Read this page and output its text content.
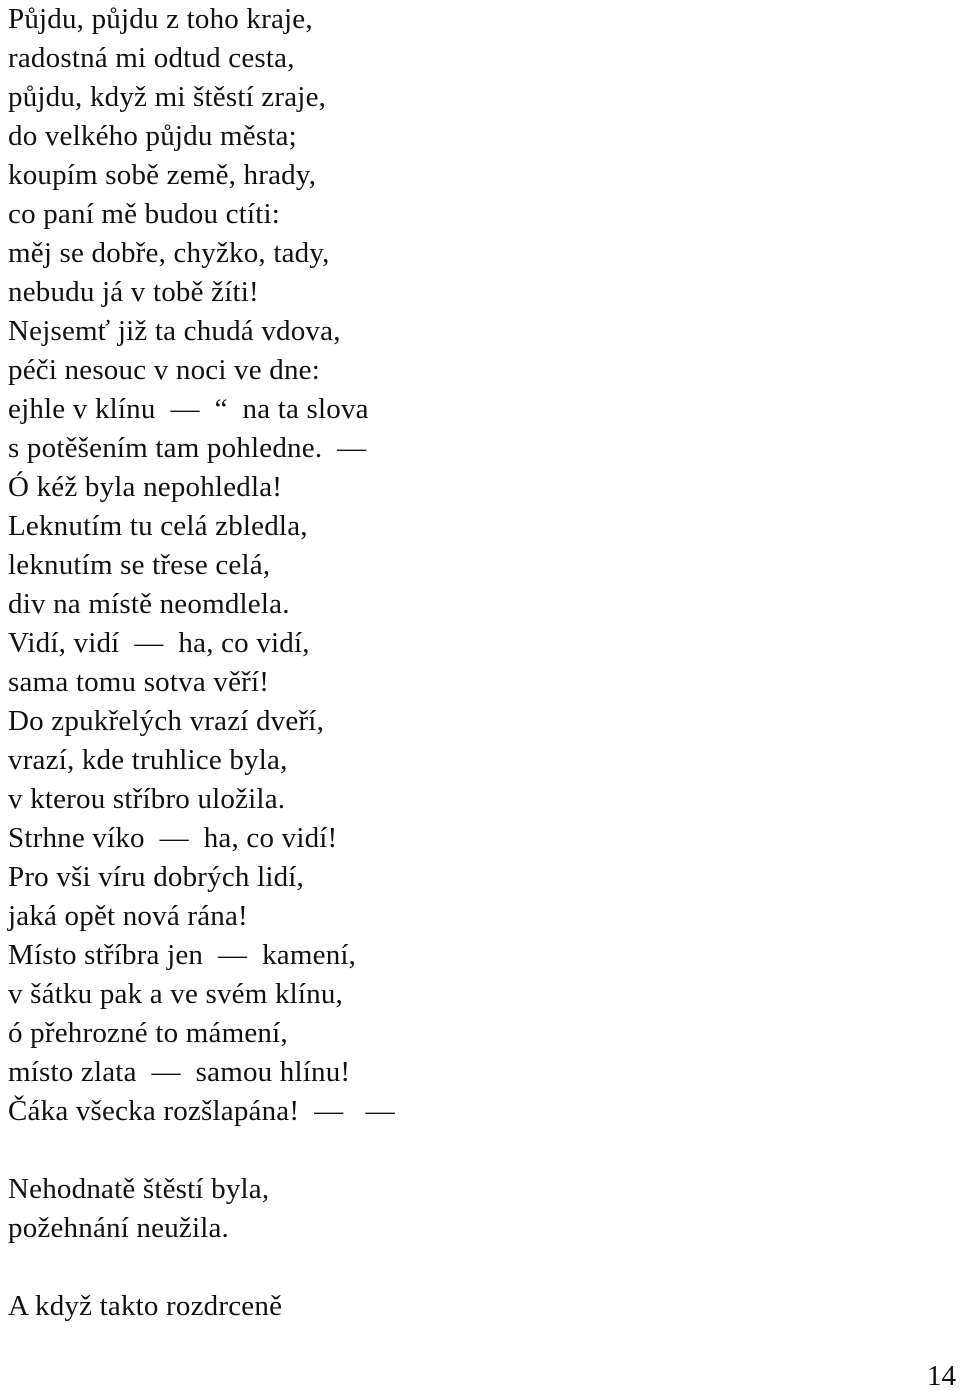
Půjdu, půjdu z toho kraje,
radostná mi odtud cesta,
půjdu, když mi štěstí zraje,
do velkého půjdu města;
koupím sobě země, hrady,
co paní mě budou ctíti:
měj se dobře, chyžko, tady,
nebudu já v tobě žíti!
Nejsemť již ta chudá vdova,
péči nesouc v noci ve dne:
ejhle v klínu  —  “  na ta slova
s potěšením tam pohledne.  —
Ó kéž byla nepohledla!
Leknutím tu celá zbledla,
leknutím se třese celá,
div na místě neomdlela.
Vidí, vidí  —  ha, co vidí,
sama tomu sotva věří!
Do zpukřelých vrazí dveří,
vrazí, kde truhlice byla,
v kterou stříbro uložila.
Strhne víko  —  ha, co vidí!
Pro vši víru dobrých lidí,
jaká opět nová rána!
Místo stříbra jen  —  kamení,
v šátku pak a ve svém klínu,
ó přehrozné to mámení,
místo zlata  —  samou hlínu!
Čáka všecka rozšlapána!  —   —
Nehodnatě štěstí byla,
požehnání neužila.
A když takto rozdrceně
14
